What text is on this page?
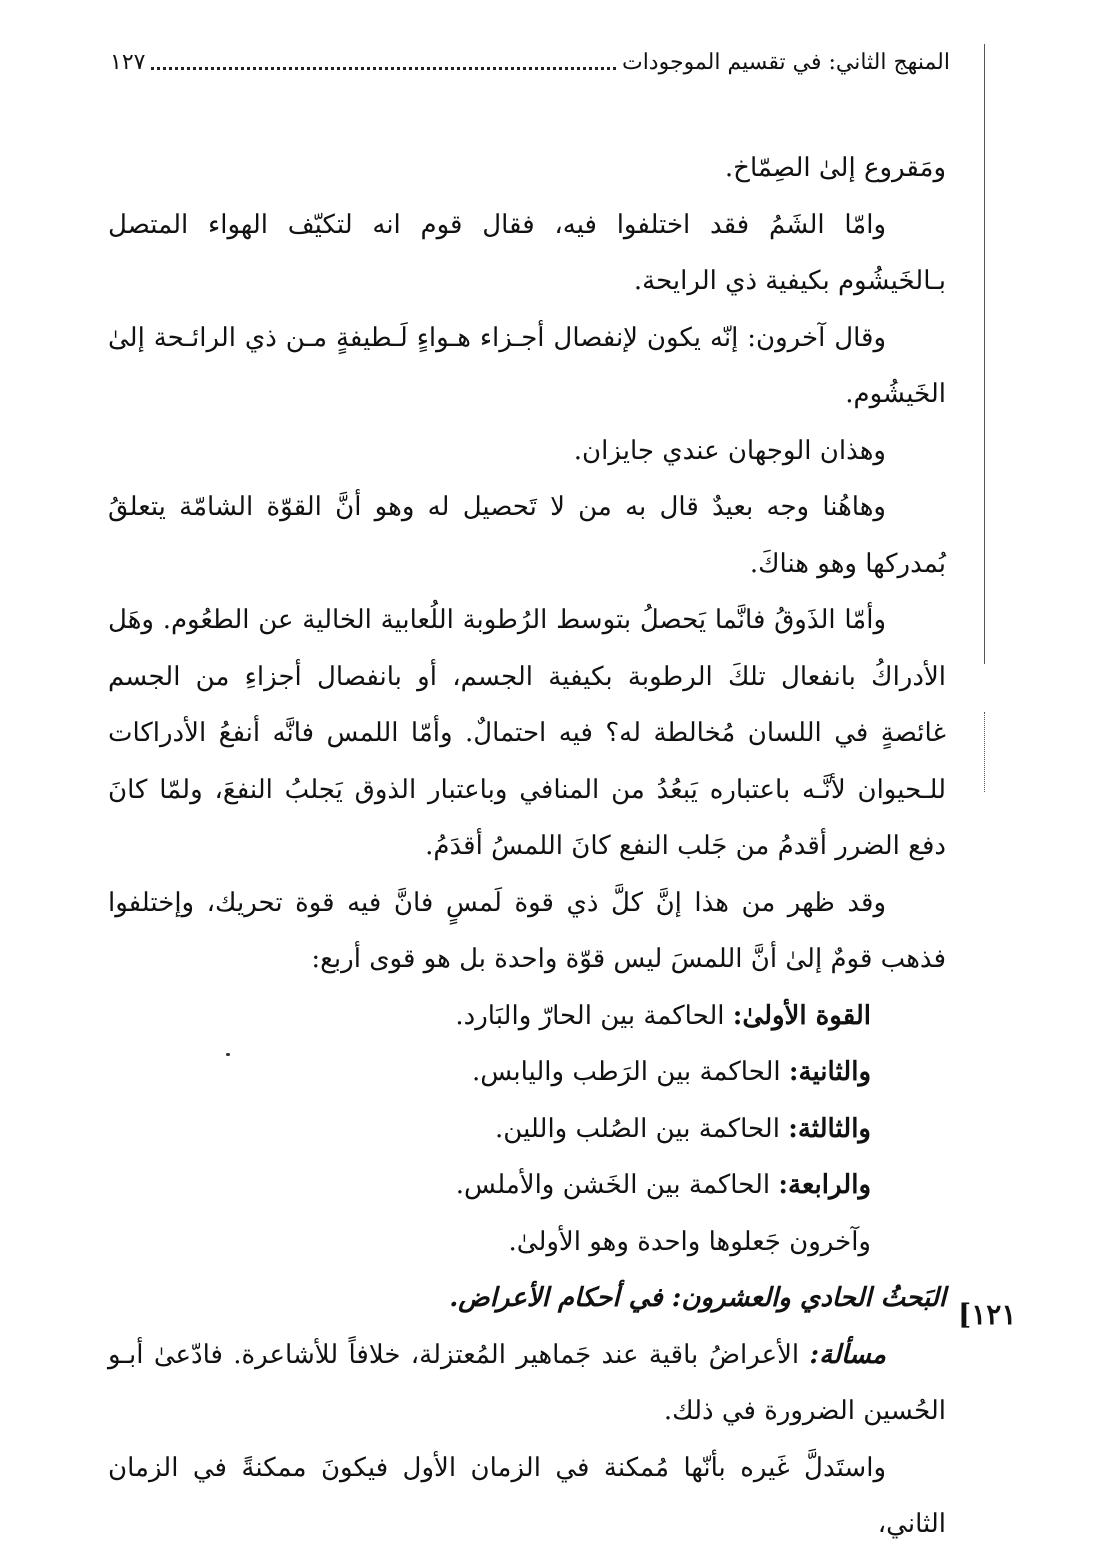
المنهج الثاني: في تقسيم الموجودات
١٢٧

ومَقروع إلىٰ الصِمّاخ.

وامّا الشَمُ فقد اختلفوا فيه، فقال قوم انه لتكيّف الهواء المتصل بـالخَيشُوم بكيفية ذي الرايحة.

وقال آخرون: إنّه يكون لإنفصال أجـزاء هـواءٍ لَـطيفةٍ مـن ذي الرائـحة إلىٰ الخَيشُوم.

وهذان الوجهان عندي جايزان.

وهاهُنا وجه بعيدٌ قال به من لا تَحصيل له وهو أنَّ القوّة الشامّة يتعلقُ بُمدركها وهو هناكَ.

وأمّا الذَوقُ فانَّما يَحصلُ بتوسط الرُطوبة اللُعابية الخالية عن الطعُوم. وهَل الأدراكُ بانفعال تلكَ الرطوبة بكيفية الجسم، أو بانفصال أجزاءِ من الجسم غائصةٍ في اللسان مُخالطة له؟ فيه احتمالٌ. وأمّا اللمس فانَّه أنفعُ الأدراكات للـحيوان لأنَّـه باعتباره يَبعُدُ من المنافي وباعتبار الذوق يَجلبُ النفعَ، ولمّا كانَ دفع الضرر أقدمُ من جَلب النفع كانَ اللمسُ أقدَمُ.

وقد ظهر من هذا إنَّ كلَّ ذي قوة لَمسٍ فانَّ فيه قوة تحريك، وإختلفوا فذهب قومٌ إلىٰ أنَّ اللمسَ ليس قوّة واحدة بل هو قوى أربع:

القوة الأولىٰ: الحاكمة بين الحارّ والبَارد.

والثانية: الحاكمة بين الرَطب واليابس.

والثالثة: الحاكمة بين الصُلب واللين.

والرابعة: الحاكمة بين الخَشن والأملس.

وآخرون جَعلوها واحدة وهو الأولىٰ.

البَحثُ الحادي والعشرون: في أحكام الأعراض.

مسألة: الأعراضُ باقية عند جَماهير المُعتزلة، خلافاً للأشاعرة. فادّعىٰ أبـو الحُسين الضرورة في ذلك.

واستَدلَّ غَيره بأنّها مُمكنة في الزمان الأول فيكونَ ممكنةً في الزمان الثاني،

[١٢١
